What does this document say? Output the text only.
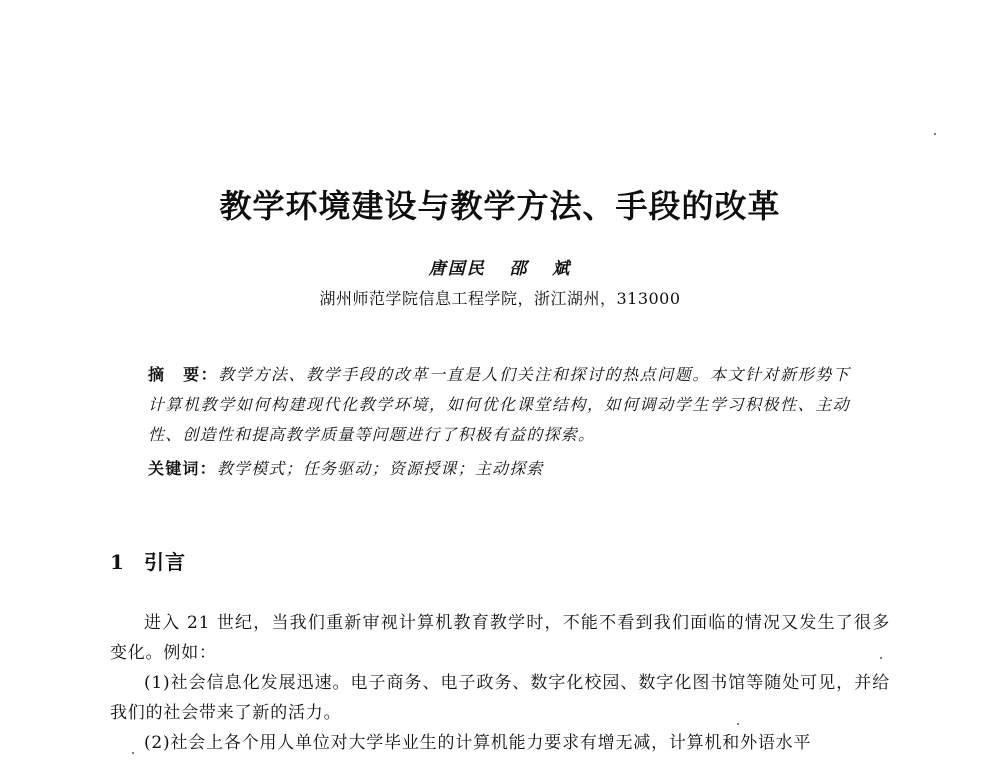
教学环境建设与教学方法、手段的改革
唐国民   邵   斌
湖州师范学院信息工程学院，浙江湖州，313000
摘　要：教学方法、教学手段的改革一直是人们关注和探讨的热点问题。本文针对新形势下计算机教学如何构建现代化教学环境，如何优化课堂结构，如何调动学生学习积极性、主动性、创造性和提高教学质量等问题进行了积极有益的探索。
关键词：教学模式；任务驱动；资源授课；主动探索
1 引言

进入 21 世纪，当我们重新审视计算机教育教学时，不能不看到我们面临的情况又发生了很多变化。例如：

(1)社会信息化发展迅速。电子商务、电子政务、数字化校园、数字化图书馆等随处可见，并给我们的社会带来了新的活力。

(2)社会上各个用人单位对大学毕业生的计算机能力要求有增无减，计算机和外语水平
